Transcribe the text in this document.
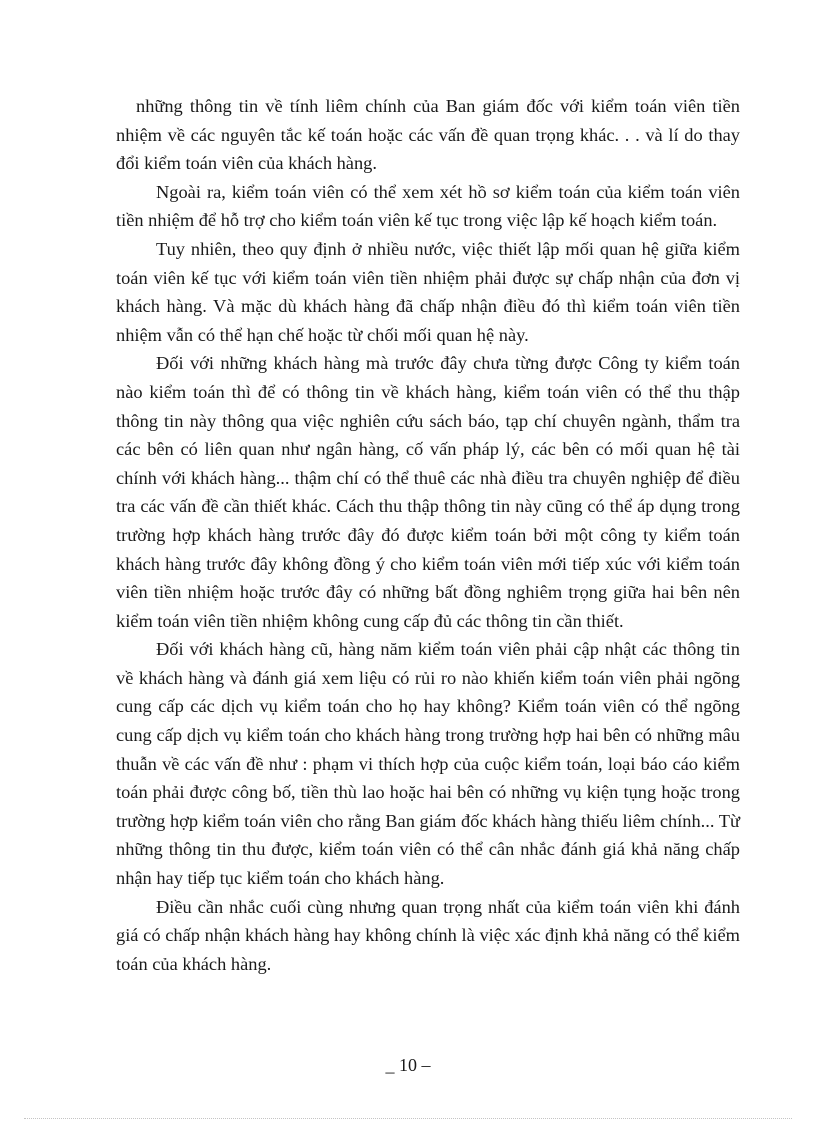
những thông tin về tính liêm chính của Ban giám đốc với kiểm toán viên tiền nhiệm về các nguyên tắc kế toán hoặc các vấn đề quan trọng khác. . . và lí do thay đổi kiểm toán viên của khách hàng.

Ngoài ra, kiểm toán viên có thể xem xét hồ sơ kiểm toán của kiểm toán viên tiền nhiệm để hỗ trợ cho kiểm toán viên kế tục trong việc lập kế hoạch kiểm toán.

Tuy nhiên, theo quy định ở nhiều nước, việc thiết lập mối quan hệ giữa kiểm toán viên kế tục với kiểm toán viên tiền nhiệm phải được sự chấp nhận của đơn vị khách hàng. Và mặc dù khách hàng đã chấp nhận điều đó thì kiểm toán viên tiền nhiệm vẫn có thể hạn chế hoặc từ chối mối quan hệ này.

Đối với những khách hàng mà trước đây chưa từng được Công ty kiểm toán nào kiểm toán thì để có thông tin về khách hàng, kiểm toán viên có thể thu thập thông tin này thông qua việc nghiên cứu sách báo, tạp chí chuyên ngành, thẩm tra các bên có liên quan như ngân hàng, cố vấn pháp lý, các bên có mối quan hệ tài chính với khách hàng... thậm chí có thể thuê các nhà điều tra chuyên nghiệp để điều tra các vấn đề cần thiết khác. Cách thu thập thông tin này cũng có thể áp dụng trong trường hợp khách hàng trước đây đó được kiểm toán bởi một công ty kiểm toán khách hàng trước đây không đồng ý cho kiểm toán viên mới tiếp xúc với kiểm toán viên tiền nhiệm hoặc trước đây có những bất đồng nghiêm trọng giữa hai bên nên kiểm toán viên tiền nhiệm không cung cấp đủ các thông tin cần thiết.

Đối với khách hàng cũ, hàng năm kiểm toán viên phải cập nhật các thông tin về khách hàng và đánh giá xem liệu có rủi ro nào khiến kiểm toán viên phải ngõng cung cấp các dịch vụ kiểm toán cho họ hay không? Kiểm toán viên có thể ngõng cung cấp dịch vụ kiểm toán cho khách hàng trong trường hợp hai bên có những mâu thuẫn về các vấn đề như : phạm vi thích hợp của cuộc kiểm toán, loại báo cáo kiểm toán phải được công bố, tiền thù lao hoặc hai bên có những vụ kiện tụng hoặc trong trường hợp kiểm toán viên cho rằng Ban giám đốc khách hàng thiếu liêm chính... Từ những thông tin thu được, kiểm toán viên có thể cân nhắc đánh giá khả năng chấp nhận hay tiếp tục kiểm toán cho khách hàng.

Điều cần nhắc cuối cùng nhưng quan trọng nhất của kiểm toán viên khi đánh giá có chấp nhận khách hàng hay không chính là việc xác định khả năng có thể kiểm toán của khách hàng.

_ 10 –
